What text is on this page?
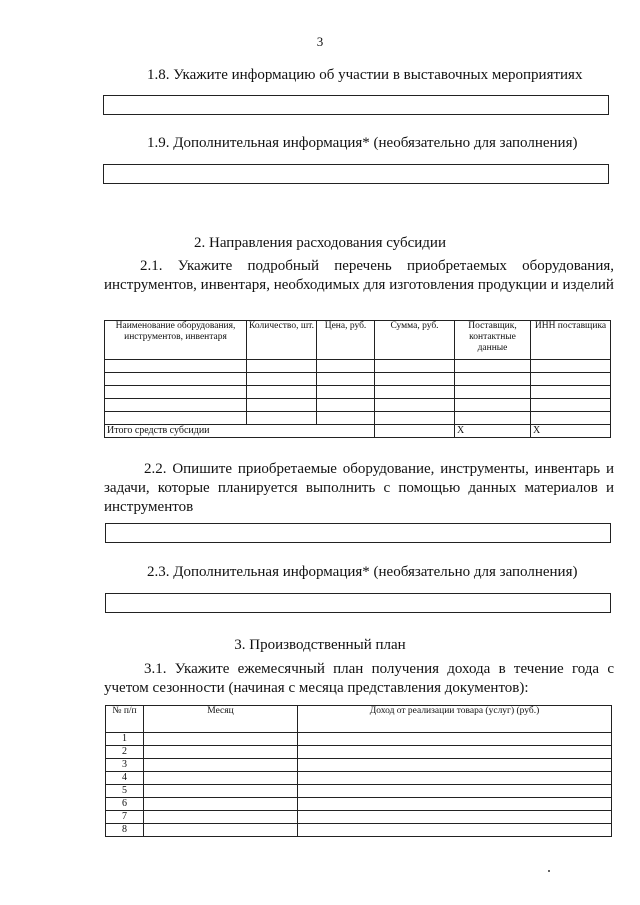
3
1.8. Укажите информацию об участии в выставочных мероприятиях
1.9. Дополнительная информация* (необязательно для заполнения)
2. Направления расходования субсидии
2.1. Укажите подробный перечень приобретаемых оборудования, инструментов, инвентаря, необходимых для изготовления продукции и изделий
Наименование оборудования, инструментов, инвентаря	Количество, шт.	Цена, руб.	Сумма, руб.	Поставщик, контактные данные	ИНН поставщика

Итого средств субсидии				X	X
2.2. Опишите приобретаемые оборудование, инструменты, инвентарь и задачи, которые планируется выполнить с помощью данных материалов и инструментов
2.3. Дополнительная информация* (необязательно для заполнения)
3. Производственный план
3.1. Укажите ежемесячный план получения дохода в течение года с учетом сезонности (начиная с месяца представления документов):
№ п/п	Месяц	Доход от реализации товара (услуг) (руб.)
1		
2		
3		
4		
5		
6		
7		
8		
